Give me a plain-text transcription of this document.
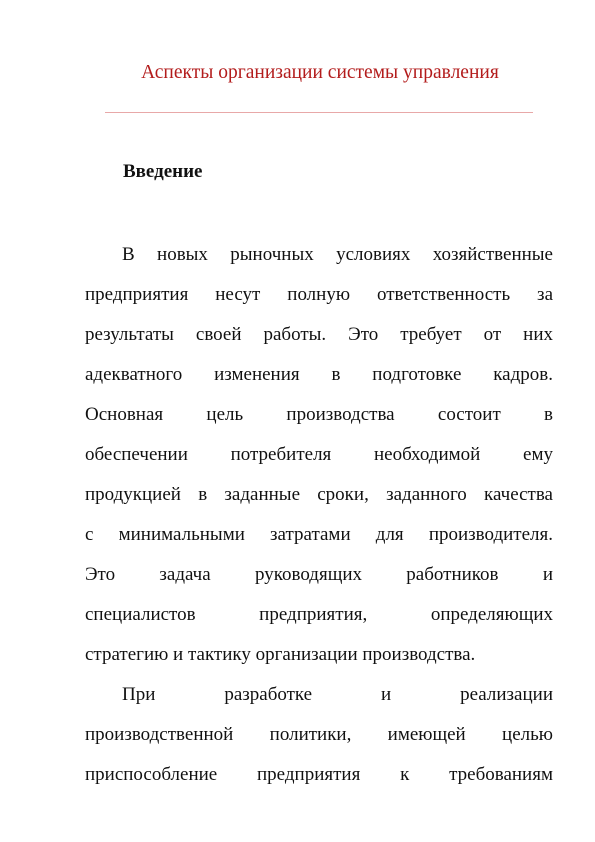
Аспекты организации системы управления
Введение
В новых рыночных условиях хозяйственные
предприятия несут полную ответственность за
результаты своей работы. Это требует от них
адекватного изменения в подготовке кадров.
Основная цель производства состоит в
обеспечении потребителя необходимой ему
продукцией в заданные сроки, заданного качества
с минимальными затратами для производителя.
Это задача руководящих работников и
специалистов предприятия, определяющих
стратегию и тактику организации производства.
При разработке и реализации
производственной политики, имеющей целью
приспособление предприятия к требованиям
